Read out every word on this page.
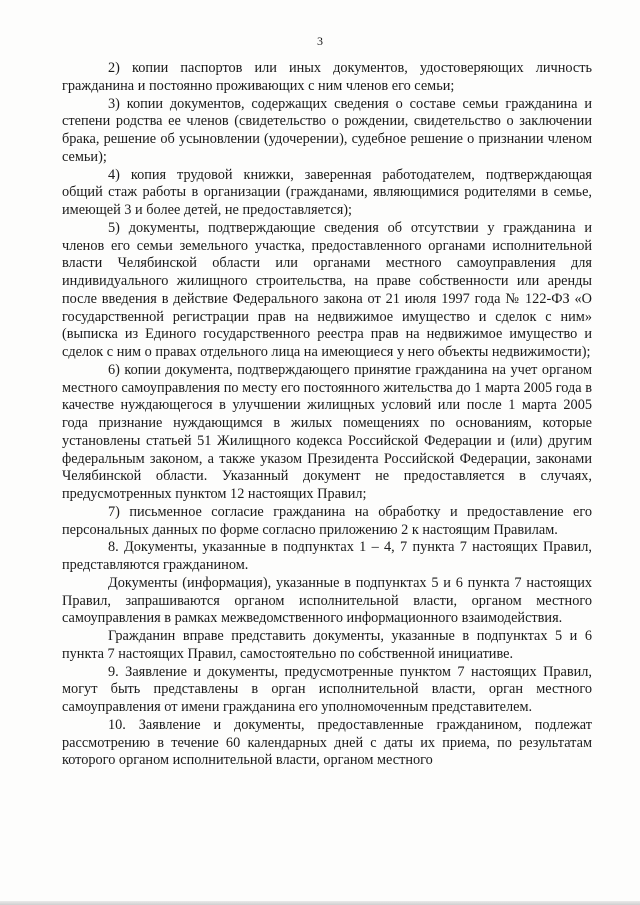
3

2) копии паспортов или иных документов, удостоверяющих личность гражданина и постоянно проживающих с ним членов его семьи;

3) копии документов, содержащих сведения о составе семьи гражданина и степени родства ее членов (свидетельство о рождении, свидетельство о заключении брака, решение об усыновлении (удочерении), судебное решение о признании членом семьи);

4) копия трудовой книжки, заверенная работодателем, подтверждающая общий стаж работы в организации (гражданами, являющимися родителями в семье, имеющей 3 и более детей, не предоставляется);

5) документы, подтверждающие сведения об отсутствии у гражданина и членов его семьи земельного участка, предоставленного органами исполнительной власти Челябинской области или органами местного самоуправления для индивидуального жилищного строительства, на праве собственности или аренды после введения в действие Федерального закона от 21 июля 1997 года № 122-ФЗ «О государственной регистрации прав на недвижимое имущество и сделок с ним» (выписка из Единого государственного реестра прав на недвижимое имущество и сделок с ним о правах отдельного лица на имеющиеся у него объекты недвижимости);

6) копии документа, подтверждающего принятие гражданина на учет органом местного самоуправления по месту его постоянного жительства до 1 марта 2005 года в качестве нуждающегося в улучшении жилищных условий или после 1 марта 2005 года признание нуждающимся в жилых помещениях по основаниям, которые установлены статьей 51 Жилищного кодекса Российской Федерации и (или) другим федеральным законом, а также указом Президента Российской Федерации, законами Челябинской области. Указанный документ не предоставляется в случаях, предусмотренных пунктом 12 настоящих Правил;

7) письменное согласие гражданина на обработку и предоставление его персональных данных по форме согласно приложению 2 к настоящим Правилам.

8. Документы, указанные в подпунктах 1 – 4, 7 пункта 7 настоящих Правил, представляются гражданином.

Документы (информация), указанные в подпунктах 5 и 6 пункта 7 настоящих Правил, запрашиваются органом исполнительной власти, органом местного самоуправления в рамках межведомственного информационного взаимодействия.

Гражданин вправе представить документы, указанные в подпунктах 5 и 6 пункта 7 настоящих Правил, самостоятельно по собственной инициативе.

9. Заявление и документы, предусмотренные пунктом 7 настоящих Правил, могут быть представлены в орган исполнительной власти, орган местного самоуправления от имени гражданина его уполномоченным представителем.

10. Заявление и документы, предоставленные гражданином, подлежат рассмотрению в течение 60 календарных дней с даты их приема, по результатам которого органом исполнительной власти, органом местного
